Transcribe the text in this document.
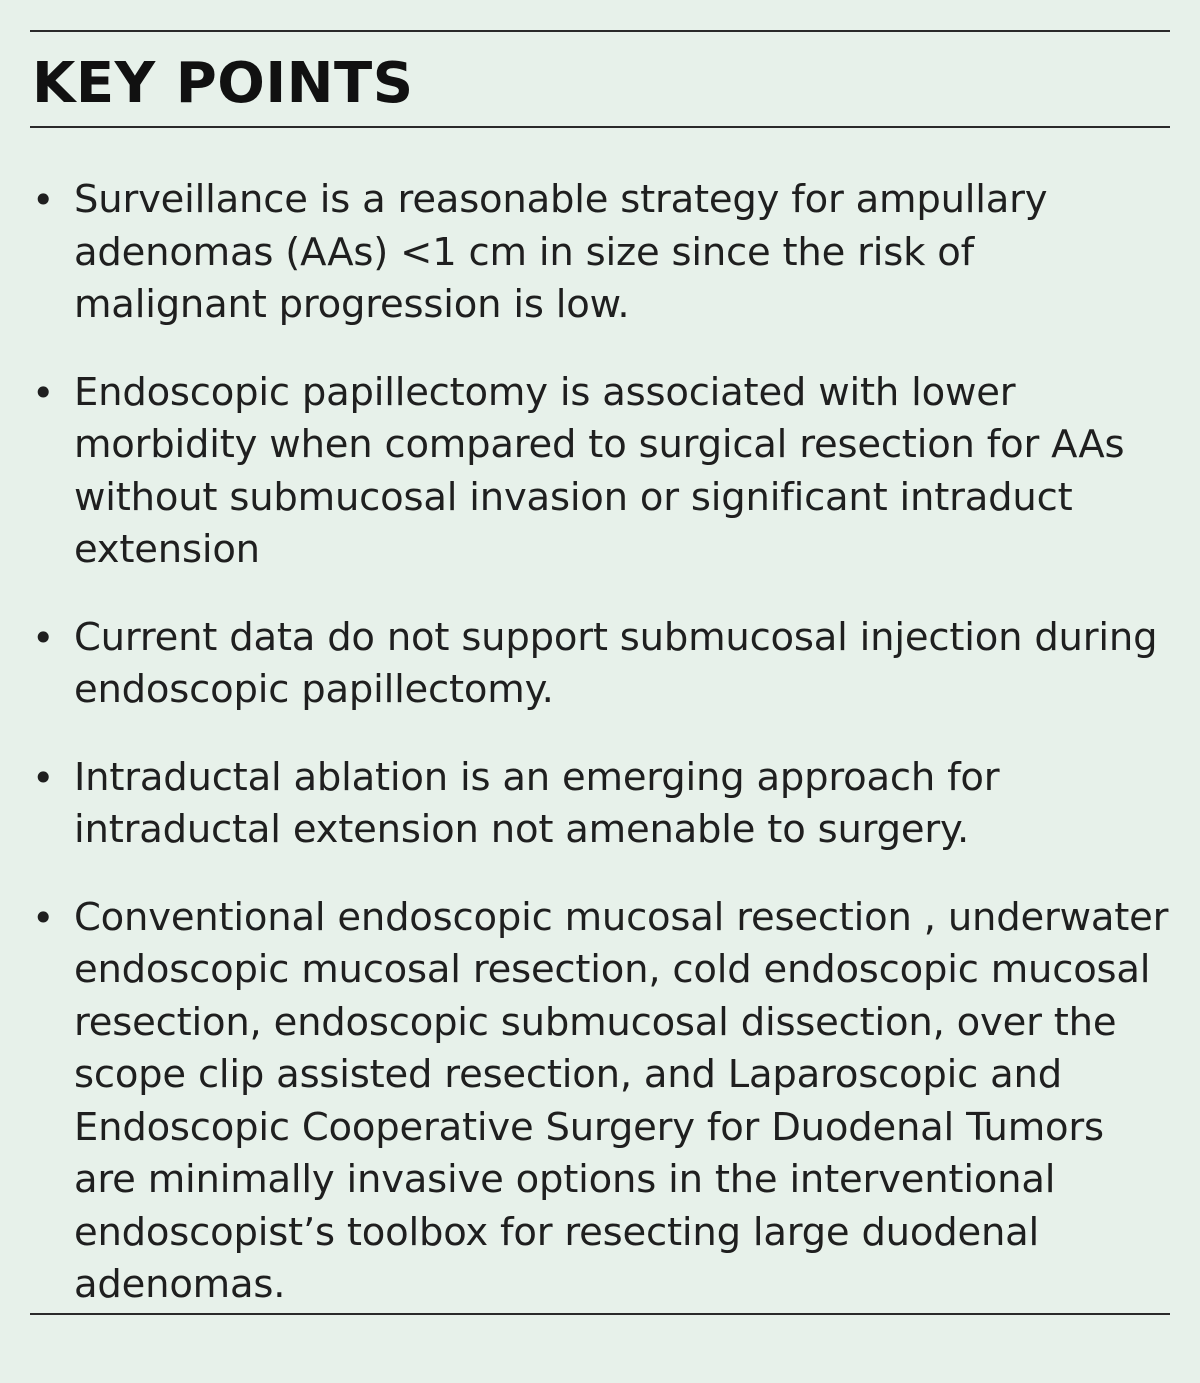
KEY POINTS
• Surveillance is a reasonable strategy for ampullary adenomas (AAs) <1 cm in size since the risk of malignant progression is low.
• Endoscopic papillectomy is associated with lower morbidity when compared to surgical resection for AAs without submucosal invasion or significant intraduct extension
• Current data do not support submucosal injection during endoscopic papillectomy.
• Intraductal ablation is an emerging approach for intraductal extension not amenable to surgery.
• Conventional endoscopic mucosal resection , underwater endoscopic mucosal resection, cold endoscopic mucosal resection, endoscopic submucosal dissection, over the scope clip assisted resection, and Laparoscopic and Endoscopic Cooperative Surgery for Duodenal Tumors are minimally invasive options in the interventional endoscopist’s toolbox for resecting large duodenal adenomas.
